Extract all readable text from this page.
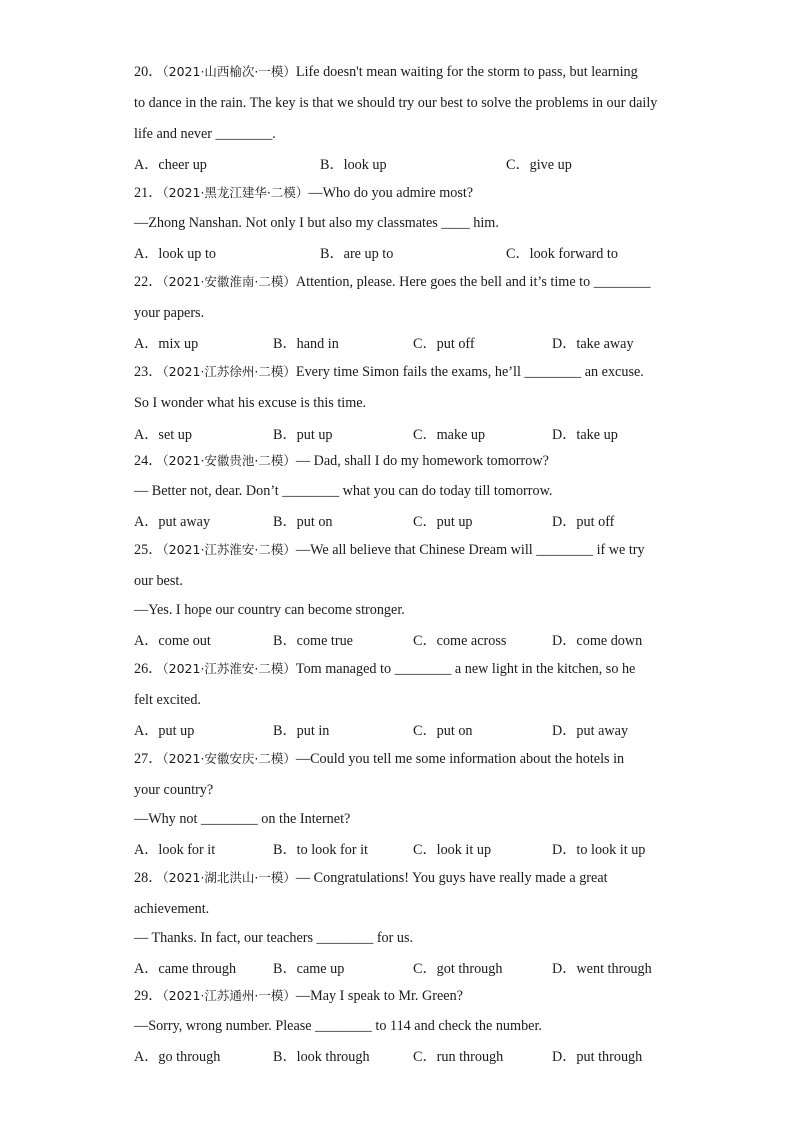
20．（2021·山西榆次·一模）Life doesn't mean waiting for the storm to pass, but learning
to dance in the rain. The key is that we should try our best to solve the problems in our daily
life and never ________.
A．cheer up	B．look up	C．give up
21．（2021·黑龙江建华·二模）—Who do you admire most?
—Zhong Nanshan. Not only I but also my classmates ____ him.
A．look up to	B．are up to	C．look forward to
22．（2021·安徽淮南·二模）Attention, please. Here goes the bell and it’s time to ________
your papers.
A．mix up	B．hand in	C．put off	D．take away
23．（2021·江苏徐州·二模）Every time Simon fails the exams, he’ll ________ an excuse.
So I wonder what his excuse is this time.
A．set up	B．put up	C．make up	D．take up
24．（2021·安徽贵池·二模）— Dad, shall I do my homework tomorrow?
— Better not, dear. Don’t ________ what you can do today till tomorrow.
A．put away	B．put on	C．put up	D．put off
25．（2021·江苏淮安·二模）—We all believe that Chinese Dream will ________ if we try
our best.
—Yes. I hope our country can become stronger.
A．come out	B．come true	C．come across	D．come down
26．（2021·江苏淮安·二模）Tom managed to ________ a new light in the kitchen, so he
felt excited.
A．put up	B．put in	C．put on	D．put away
27．（2021·安徽安庆·二模）—Could you tell me some information about the hotels in
your country?
—Why not ________ on the Internet?
A．look for it	B．to look for it	C．look it up	D．to look it up
28．（2021·湖北洪山·一模）— Congratulations! You guys have really made a great
achievement.
— Thanks. In fact, our teachers ________ for us.
A．came through	B．came up	C．got through	D．went through
29．（2021·江苏通州·一模）—May I speak to Mr. Green?
—Sorry, wrong number. Please ________ to 114 and check the number.
A．go through	B．look through	C．run through	D．put through
